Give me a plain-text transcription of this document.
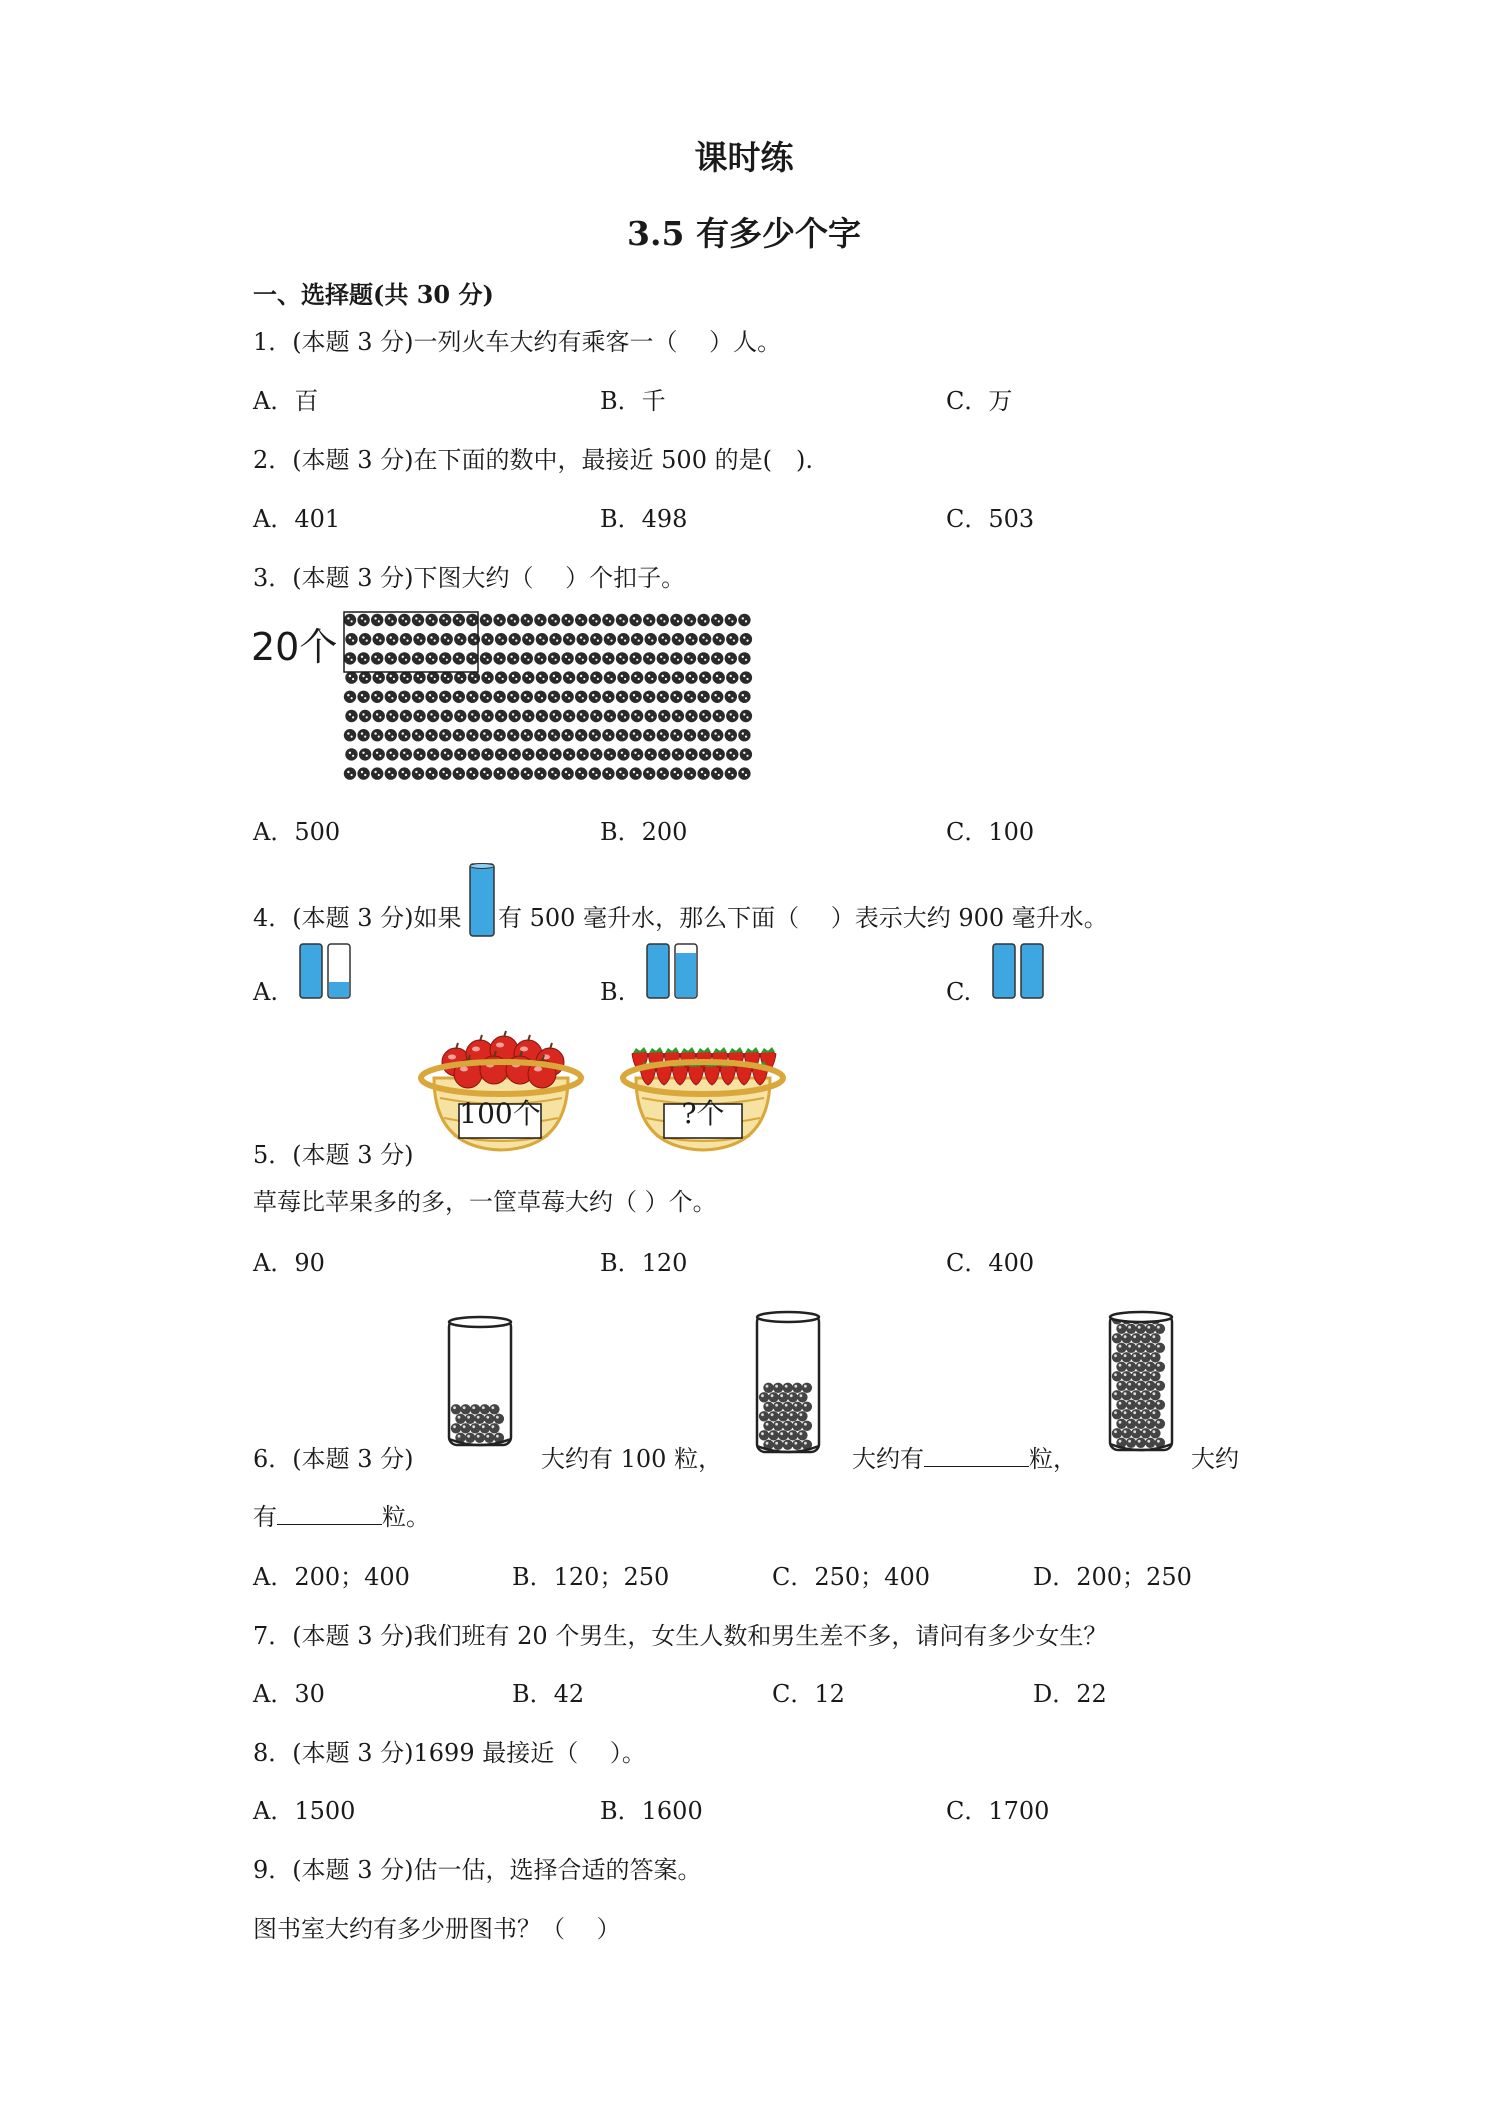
课时练
3.5 有多少个字
一、选择题(共 30 分)
1．(本题 3 分)一列火车大约有乘客一（　 ）人。
A．百	B．千	C．万
2．(本题 3 分)在下面的数中，最接近 500 的是(　).
A．401	B．498	C．503
3．(本题 3 分)下图大约（　 ）个扣子。
20个
A．500	B．200	C．100
4．(本题 3 分)如果 有 500 毫升水，那么下面（　 ）表示大约 900 毫升水。
A.	B.	C.
100个	?个
5．(本题 3 分)
草莓比苹果多的多，一筐草莓大约（ ）个。
A．90	B．120	C．400
6．(本题 3 分)	大约有 100 粒，	大约有	粒，	大约
有	粒。
A．200；400	B．120；250	C．250；400	D．200；250
7．(本题 3 分)我们班有 20 个男生，女生人数和男生差不多，请问有多少女生？
A．30	B．42	C．12	D．22
8．(本题 3 分)1699 最接近（　 ）。
A．1500	B．1600	C．1700
9．(本题 3 分)估一估，选择合适的答案。
图书室大约有多少册图书？（　 ）
